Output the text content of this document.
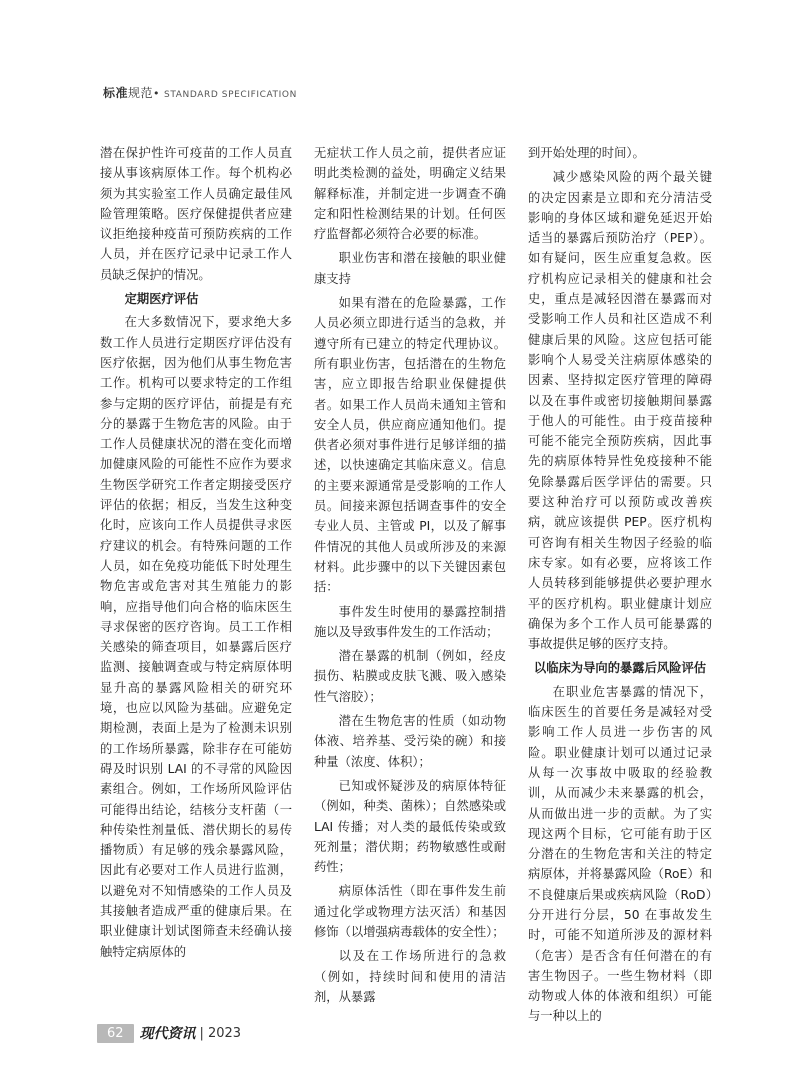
标准规范• STANDARD SPECIFICATION

潜在保护性许可疫苗的工作人员直接从事该病原体工作。每个机构必须为其实验室工作人员确定最佳风险管理策略。医疗保健提供者应建议拒绝接种疫苗可预防疾病的工作人员，并在医疗记录中记录工作人员缺乏保护的情况。

定期医疗评估

在大多数情况下，要求绝大多数工作人员进行定期医疗评估没有医疗依据，因为他们从事生物危害工作。机构可以要求特定的工作组参与定期的医疗评估，前提是有充分的暴露于生物危害的风险。由于工作人员健康状况的潜在变化而增加健康风险的可能性不应作为要求生物医学研究工作者定期接受医疗评估的依据；相反，当发生这种变化时，应该向工作人员提供寻求医疗建议的机会。有特殊问题的工作人员，如在免疫功能低下时处理生物危害或危害对其生殖能力的影响，应指导他们向合格的临床医生寻求保密的医疗咨询。员工工作相关感染的筛查项目，如暴露后医疗监测、接触调查或与特定病原体明显升高的暴露风险相关的研究环境，也应以风险为基础。应避免定期检测，表面上是为了检测未识别的工作场所暴露，除非存在可能妨碍及时识别 LAI 的不寻常的风险因素组合。例如，工作场所风险评估可能得出结论，结核分支杆菌（一种传染性剂量低、潜伏期长的易传播物质）有足够的残余暴露风险，因此有必要对工作人员进行监测，以避免对不知情感染的工作人员及其接触者造成严重的健康后果。在职业健康计划试图筛查未经确认接触特定病原体的

无症状工作人员之前，提供者应证明此类检测的益处，明确定义结果解释标准，并制定进一步调查不确定和阳性检测结果的计划。任何医疗监督都必须符合必要的标准。

职业伤害和潜在接触的职业健康支持

如果有潜在的危险暴露，工作人员必须立即进行适当的急救，并遵守所有已建立的特定代理协议。所有职业伤害，包括潜在的生物危害，应立即报告给职业保健提供者。如果工作人员尚未通知主管和安全人员，供应商应通知他们。提供者必须对事件进行足够详细的描述，以快速确定其临床意义。信息的主要来源通常是受影响的工作人员。间接来源包括调查事件的安全专业人员、主管或 PI，以及了解事件情况的其他人员或所涉及的来源材料。此步骤中的以下关键因素包括：

事件发生时使用的暴露控制措施以及导致事件发生的工作活动；

潜在暴露的机制（例如，经皮损伤、粘膜或皮肤飞溅、吸入感染性气溶胶）；

潜在生物危害的性质（如动物体液、培养基、受污染的碗）和接种量（浓度、体积）；

已知或怀疑涉及的病原体特征（例如，种类、菌株）；自然感染或 LAI 传播；对人类的最低传染或致死剂量；潜伏期；药物敏感性或耐药性；

病原体活性（即在事件发生前通过化学或物理方法灭活）和基因修饰（以增强病毒载体的安全性）；

以及在工作场所进行的急救（例如，持续时间和使用的清洁剂，从暴露

到开始处理的时间）。

减少感染风险的两个最关键的决定因素是立即和充分清洁受影响的身体区域和避免延迟开始适当的暴露后预防治疗（PEP）。如有疑问，医生应重复急救。医疗机构应记录相关的健康和社会史，重点是减轻因潜在暴露而对受影响工作人员和社区造成不利健康后果的风险。这应包括可能影响个人易受关注病原体感染的因素、坚持拟定医疗管理的障碍以及在事件或密切接触期间暴露于他人的可能性。由于疫苗接种可能不能完全预防疾病，因此事先的病原体特异性免疫接种不能免除暴露后医学评估的需要。只要这种治疗可以预防或改善疾病，就应该提供 PEP。医疗机构可咨询有相关生物因子经验的临床专家。如有必要，应将该工作人员转移到能够提供必要护理水平的医疗机构。职业健康计划应确保为多个工作人员可能暴露的事故提供足够的医疗支持。

以临床为导向的暴露后风险评估

在职业危害暴露的情况下，临床医生的首要任务是减轻对受影响工作人员进一步伤害的风险。职业健康计划可以通过记录从每一次事故中吸取的经验教训，从而减少未来暴露的机会，从而做出进一步的贡献。为了实现这两个目标，它可能有助于区分潜在的生物危害和关注的特定病原体，并将暴露风险（RoE）和不良健康后果或疾病风险（RoD）分开进行分层，50 在事故发生时，可能不知道所涉及的源材料（危害）是否含有任何潜在的有害生物因子。一些生物材料（即动物或人体的体液和组织）可能与一种以上的

62	现代资讯 | 2023
